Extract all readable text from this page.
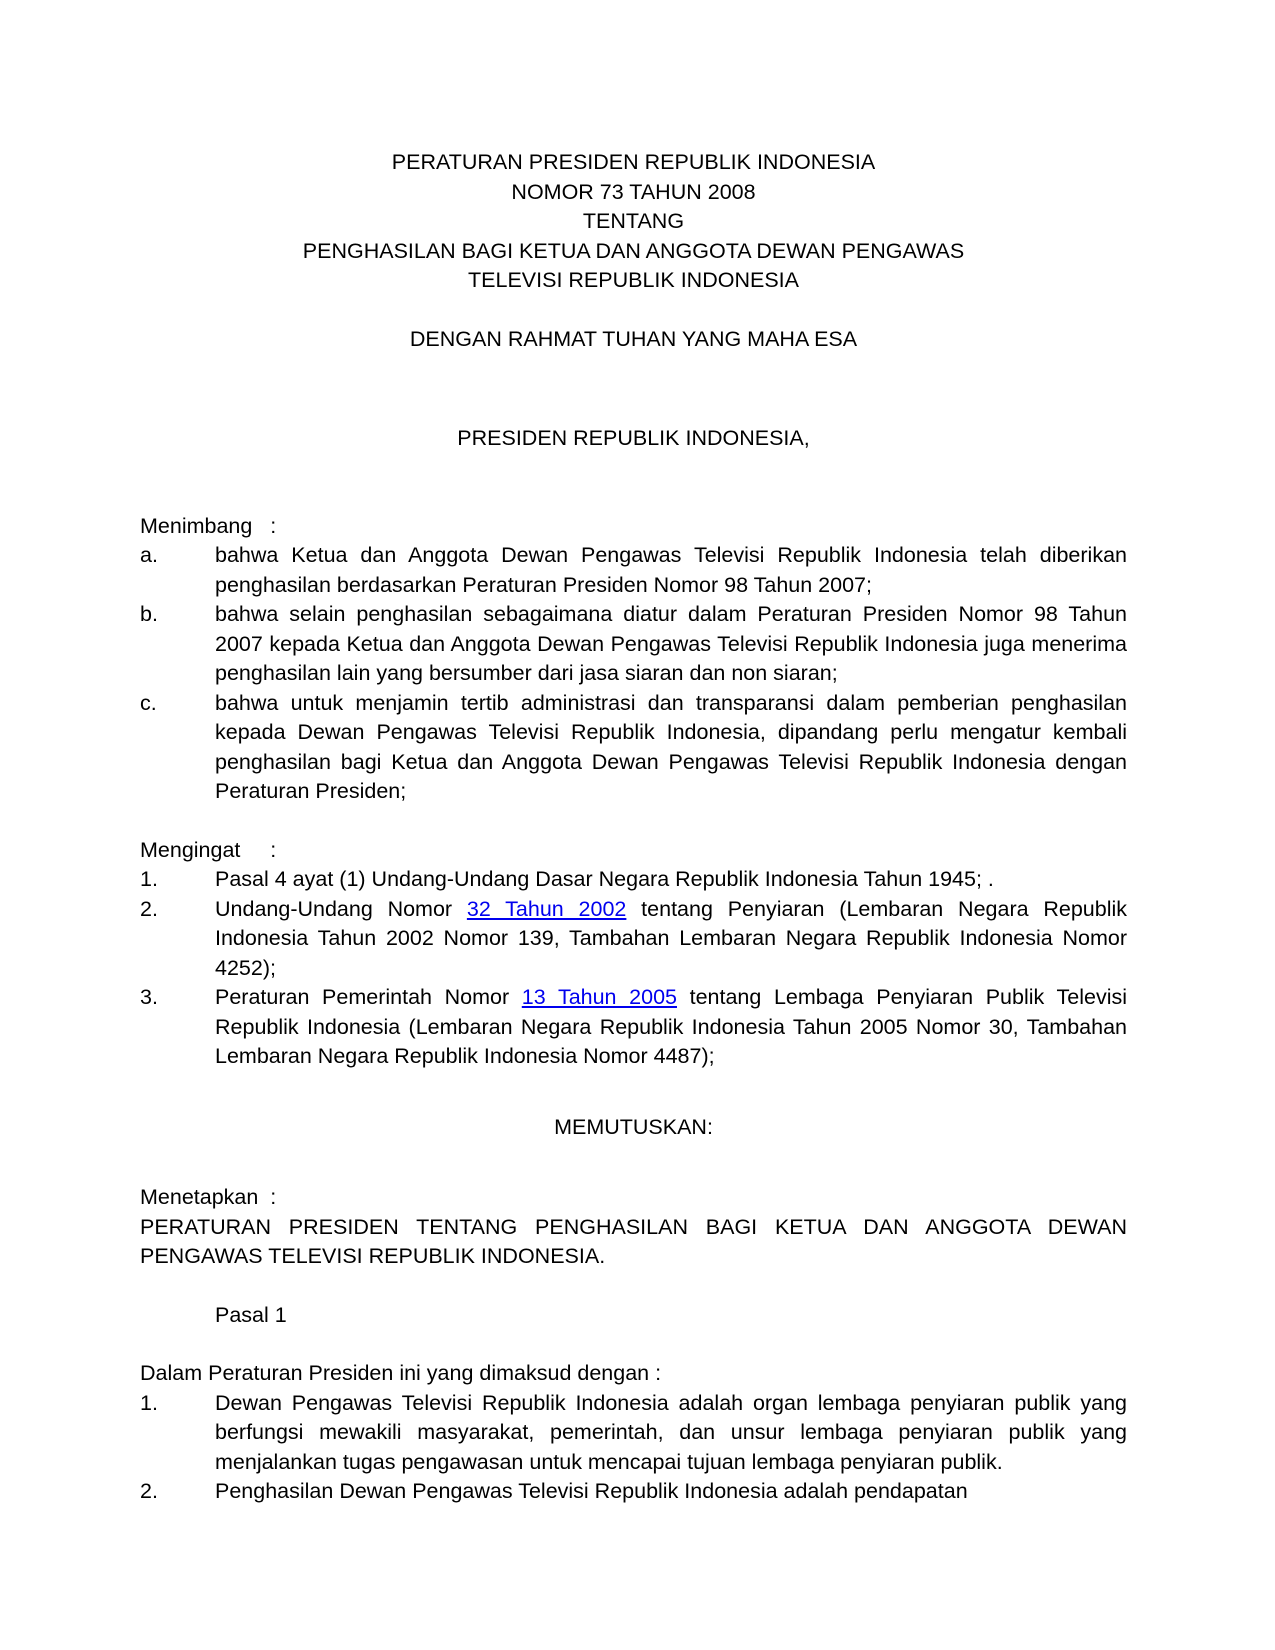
PERATURAN PRESIDEN REPUBLIK INDONESIA
NOMOR 73 TAHUN 2008
TENTANG
PENGHASILAN BAGI KETUA DAN ANGGOTA DEWAN PENGAWAS
TELEVISI REPUBLIK INDONESIA
DENGAN RAHMAT TUHAN YANG MAHA ESA
PRESIDEN REPUBLIK INDONESIA,
Menimbang   :
a.	bahwa Ketua dan Anggota Dewan Pengawas Televisi Republik Indonesia telah diberikan penghasilan berdasarkan Peraturan Presiden Nomor 98 Tahun 2007;
b.	bahwa selain penghasilan sebagaimana diatur dalam Peraturan Presiden Nomor 98 Tahun 2007 kepada Ketua dan Anggota Dewan Pengawas Televisi Republik Indonesia juga menerima penghasilan lain yang bersumber dari jasa siaran dan non siaran;
c.	bahwa untuk menjamin tertib administrasi dan transparansi dalam pemberian penghasilan kepada Dewan Pengawas Televisi Republik Indonesia, dipandang perlu mengatur kembali penghasilan bagi Ketua dan Anggota Dewan Pengawas Televisi Republik Indonesia dengan Peraturan Presiden;
Mengingat     :
1.	Pasal 4 ayat (1) Undang-Undang Dasar Negara Republik Indonesia Tahun 1945; .
2.	Undang-Undang Nomor 32 Tahun 2002 tentang Penyiaran (Lembaran Negara Republik Indonesia Tahun 2002 Nomor 139, Tambahan Lembaran Negara Republik Indonesia Nomor 4252);
3.	Peraturan Pemerintah Nomor 13 Tahun 2005 tentang Lembaga Penyiaran Publik Televisi Republik Indonesia (Lembaran Negara Republik Indonesia Tahun 2005 Nomor 30, Tambahan Lembaran Negara Republik Indonesia Nomor 4487);
MEMUTUSKAN:
Menetapkan  :
PERATURAN PRESIDEN TENTANG PENGHASILAN BAGI KETUA DAN ANGGOTA DEWAN PENGAWAS TELEVISI REPUBLIK INDONESIA.
Pasal 1
Dalam Peraturan Presiden ini yang dimaksud dengan :
1.	Dewan Pengawas Televisi Republik Indonesia adalah organ lembaga penyiaran publik yang berfungsi mewakili masyarakat, pemerintah, dan unsur lembaga penyiaran publik yang menjalankan tugas pengawasan untuk mencapai tujuan lembaga penyiaran publik.
2.	Penghasilan Dewan Pengawas Televisi Republik Indonesia adalah pendapatan
